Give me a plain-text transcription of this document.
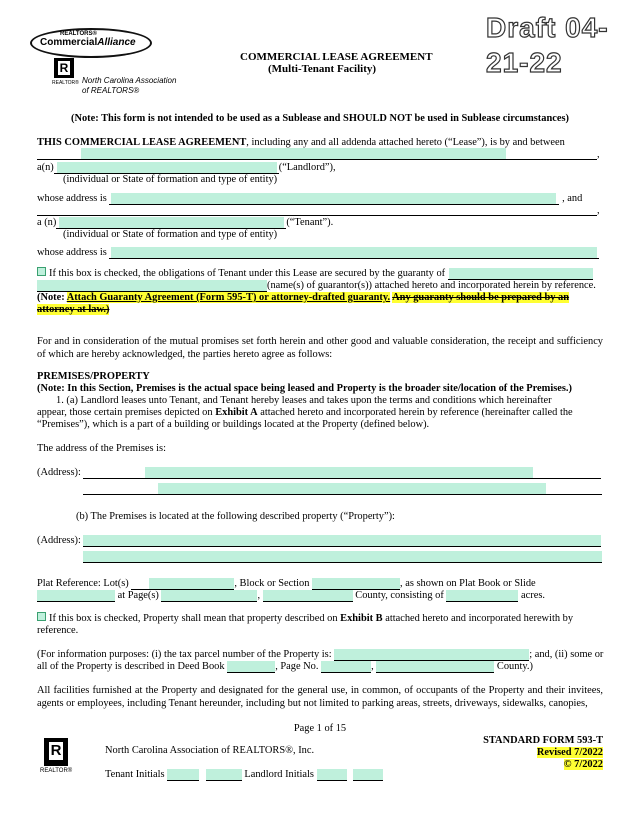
Draft 04-21-22
REALTORS®
CommercialAlliance
R
REALTOR® North Carolina Association
of REALTORS®
COMMERCIAL LEASE AGREEMENT
(Multi-Tenant Facility)
(Note: This form is not intended to be used as a Sublease and SHOULD NOT be used in Sublease circumstances)
THIS COMMERCIAL LEASE AGREEMENT, including any and all addenda attached hereto (“Lease”), is by and between
,
a(n)	(“Landlord”),
(individual or State of formation and type of entity)
whose address is	, and
,
a (n)	(“Tenant”).
(individual or State of formation and type of entity)
whose address is
If this box is checked, the obligations of Tenant under this Lease are secured by the guaranty of
(name(s) of guarantor(s)) attached hereto and incorporated herein by reference.
(Note: Attach Guaranty Agreement (Form 595-T) or attorney-drafted guaranty. Any guaranty should be prepared by an
attorney at law.)
For and in consideration of the mutual promises set forth herein and other good and valuable consideration, the receipt and sufficiency of which are hereby acknowledged, the parties hereto agree as follows:
PREMISES/PROPERTY
(Note: In this Section, Premises is the actual space being leased and Property is the broader site/location of the Premises.)
1. (a) Landlord leases unto Tenant, and Tenant hereby leases and takes upon the terms and conditions which hereinafter
appear, those certain premises depicted on Exhibit A attached hereto and incorporated herein by reference (hereinafter called the
“Premises”), which is a part of a building or buildings located at the Property (defined below).
The address of the Premises is:
(Address):
(b) The Premises is located at the following described property (“Property”):
(Address):
Plat Reference: Lot(s)	, Block or Section	, as shown on Plat Book or Slide
at Page(s)	,	County, consisting of	acres.
If this box is checked, Property shall mean that property described on Exhibit B attached hereto and incorporated herewith by
reference.
(For information purposes: (i) the tax parcel number of the Property is:	; and, (ii) some or
all of the Property is described in Deed Book	, Page No.	,	County.)
All facilities furnished at the Property and designated for the general use, in common, of occupants of the Property and their invitees, agents or employees, including Tenant hereunder, including but not limited to parking areas, streets, driveways, sidewalks, canopies,
Page 1 of 15
R
REALTOR®
North Carolina Association of REALTORS®, Inc.
Tenant Initials
	Landlord Initials

STANDARD FORM 593-T
Revised 7/2022
© 7/2022
